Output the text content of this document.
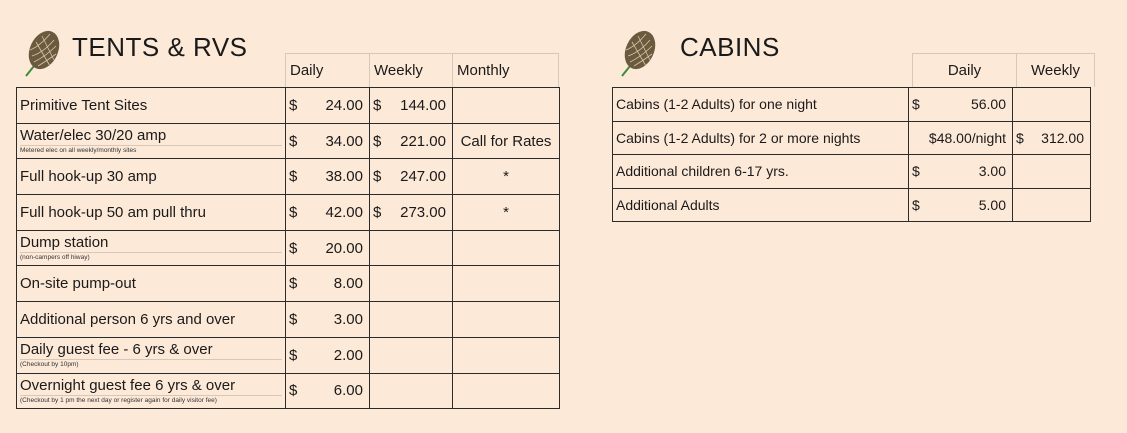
TENTS & RVS
Daily	Weekly	Monthly
Primitive Tent Sites	$ 24.00	$ 144.00	

Water/elec 30/20 amp
Metered elec on all weekly/monthly sites	$ 34.00	$ 221.00	Call for Rates

Full hook-up 30 amp	$ 38.00	$ 247.00	*

Full hook-up 50 am pull thru	$ 42.00	$ 273.00	*

Dump station
(non-campers off hiway)	$ 20.00		

On-site pump-out	$ 8.00		

Additional person 6 yrs and over	$ 3.00		

Daily guest fee - 6 yrs & over
(Checkout by 10pm)	$ 2.00		

Overnight guest fee 6 yrs & over
(Checkout by 1 pm the next day or register again for daily visitor fee)	$ 6.00		

CABINS
Daily	Weekly
Cabins (1-2 Adults) for one night	$ 56.00	

Cabins (1-2 Adults) for 2 or more nights	$48.00/night	$ 312.00

Additional children 6-17 yrs.	$ 3.00	

Additional Adults	$ 5.00	
